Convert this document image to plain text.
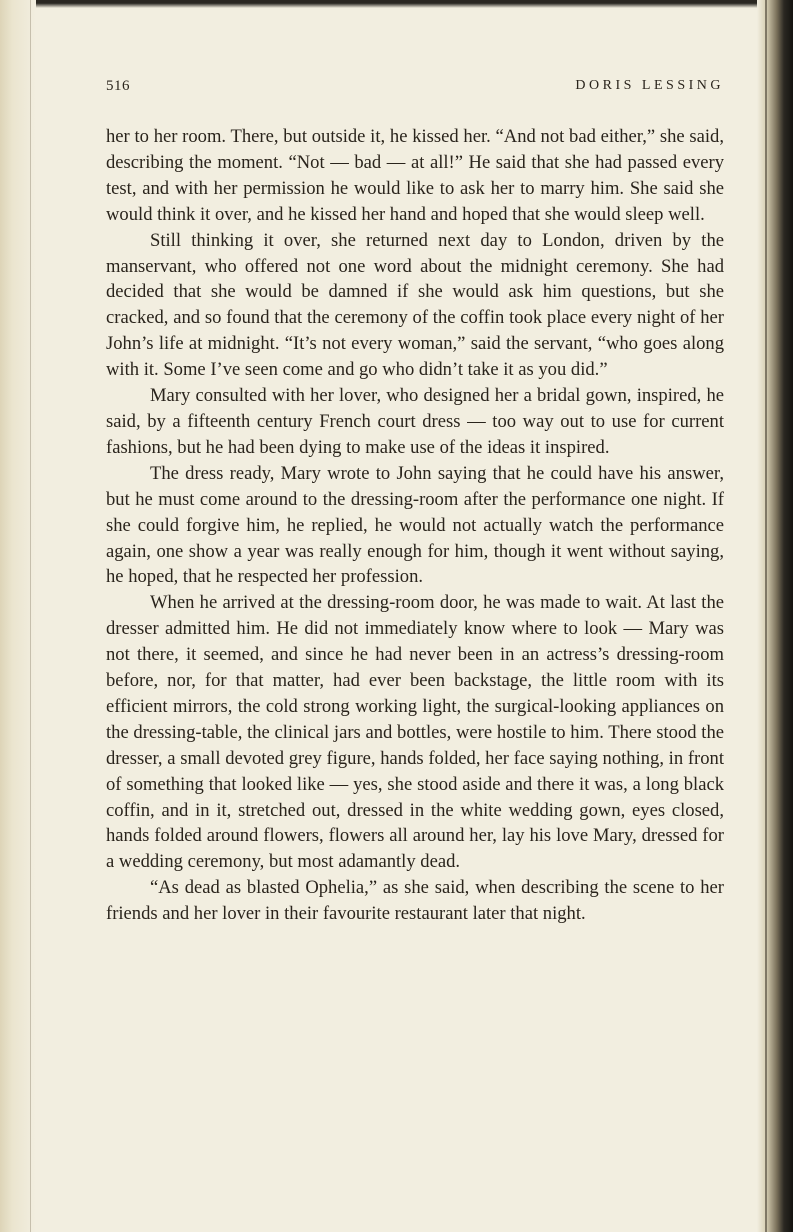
516	DORIS LESSING

her to her room. There, but outside it, he kissed her. “And not bad either,” she said, describing the moment. “Not — bad — at all!” He said that she had passed every test, and with her permission he would like to ask her to marry him. She said she would think it over, and he kissed her hand and hoped that she would sleep well.

Still thinking it over, she returned next day to London, driven by the manservant, who offered not one word about the midnight ceremony. She had decided that she would be damned if she would ask him questions, but she cracked, and so found that the ceremony of the coffin took place every night of her John’s life at midnight. “It’s not every woman,” said the servant, “who goes along with it. Some I’ve seen come and go who didn’t take it as you did.”

Mary consulted with her lover, who designed her a bridal gown, inspired, he said, by a fifteenth century French court dress — too way out to use for current fashions, but he had been dying to make use of the ideas it inspired.

The dress ready, Mary wrote to John saying that he could have his answer, but he must come around to the dressing-room after the performance one night. If she could forgive him, he replied, he would not actually watch the performance again, one show a year was really enough for him, though it went without saying, he hoped, that he respected her profession.

When he arrived at the dressing-room door, he was made to wait. At last the dresser admitted him. He did not immediately know where to look — Mary was not there, it seemed, and since he had never been in an actress’s dressing-room before, nor, for that matter, had ever been backstage, the little room with its efficient mirrors, the cold strong working light, the surgical-looking appliances on the dressing-table, the clinical jars and bottles, were hostile to him. There stood the dresser, a small devoted grey figure, hands folded, her face saying nothing, in front of something that looked like — yes, she stood aside and there it was, a long black coffin, and in it, stretched out, dressed in the white wedding gown, eyes closed, hands folded around flowers, flowers all around her, lay his love Mary, dressed for a wedding ceremony, but most adamantly dead.

“As dead as blasted Ophelia,” as she said, when describing the scene to her friends and her lover in their favourite restaurant later that night.
